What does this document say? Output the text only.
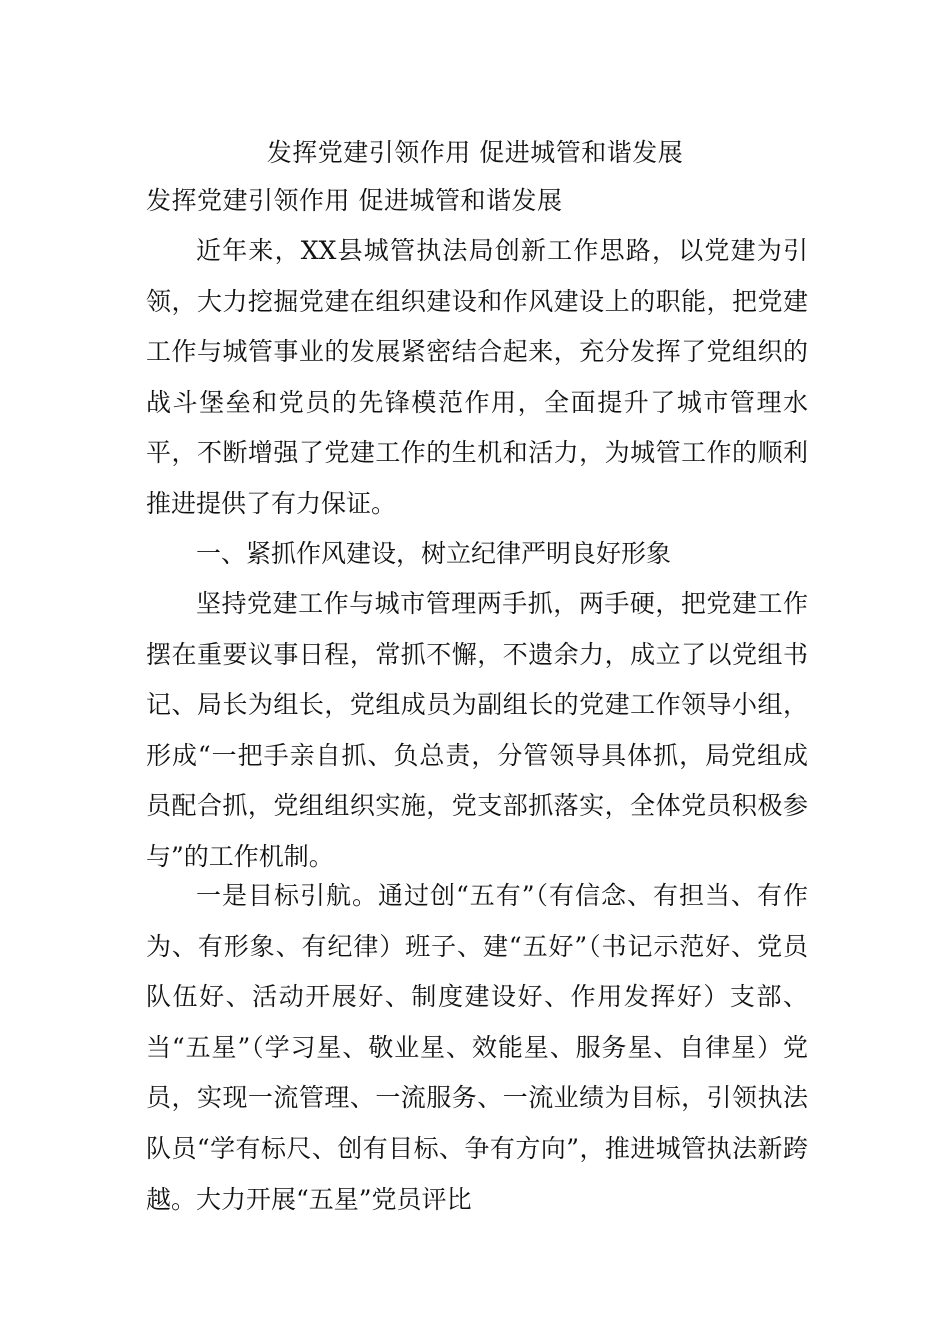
发挥党建引领作用 促进城管和谐发展
发挥党建引领作用 促进城管和谐发展

近年来，XX县城管执法局创新工作思路，以党建为引领，大力挖掘党建在组织建设和作风建设上的职能，把党建工作与城管事业的发展紧密结合起来，充分发挥了党组织的战斗堡垒和党员的先锋模范作用，全面提升了城市管理水平，不断增强了党建工作的生机和活力，为城管工作的顺利推进提供了有力保证。

一、紧抓作风建设，树立纪律严明良好形象

坚持党建工作与城市管理两手抓，两手硬，把党建工作摆在重要议事日程，常抓不懈，不遗余力，成立了以党组书记、局长为组长，党组成员为副组长的党建工作领导小组，形成“一把手亲自抓、负总责，分管领导具体抓，局党组成员配合抓，党组组织实施，党支部抓落实，全体党员积极参与”的工作机制。

一是目标引航。通过创“五有”（有信念、有担当、有作为、有形象、有纪律）班子、建“五好”（书记示范好、党员队伍好、活动开展好、制度建设好、作用发挥好）支部、当“五星”（学习星、敬业星、效能星、服务星、自律星）党员，实现一流管理、一流服务、一流业绩为目标，引领执法队员“学有标尺、创有目标、争有方向”，推进城管执法新跨越。大力开展“五星”党员评比
